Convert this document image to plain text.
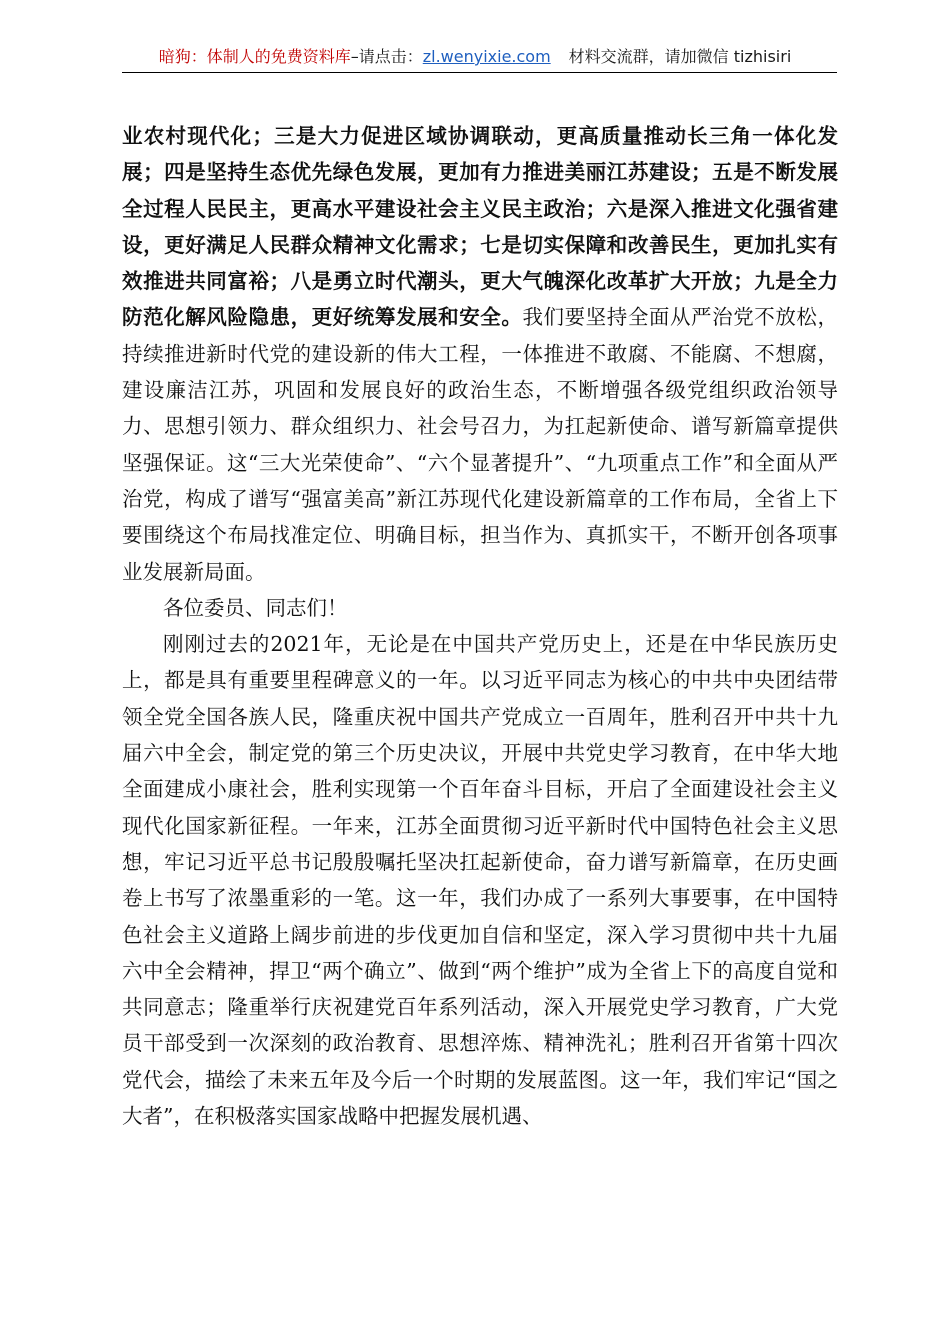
暗狗：体制人的免费资料库–请点击：zl.wenyixie.com 材料交流群，请加微信 tizhisiri

业农村现代化；三是大力促进区域协调联动，更高质量推动长三角一体化发展；四是坚持生态优先绿色发展，更加有力推进美丽江苏建设；五是不断发展全过程人民民主，更高水平建设社会主义民主政治；六是深入推进文化强省建设，更好满足人民群众精神文化需求；七是切实保障和改善民生，更加扎实有效推进共同富裕；八是勇立时代潮头，更大气魄深化改革扩大开放；九是全力防范化解风险隐患，更好统筹发展和安全。我们要坚持全面从严治党不放松，持续推进新时代党的建设新的伟大工程，一体推进不敢腐、不能腐、不想腐，建设廉洁江苏，巩固和发展良好的政治生态，不断增强各级党组织政治领导力、思想引领力、群众组织力、社会号召力，为扛起新使命、谱写新篇章提供坚强保证。这“三大光荣使命”、“六个显著提升”、“九项重点工作”和全面从严治党，构成了谱写“强富美高”新江苏现代化建设新篇章的工作布局，全省上下要围绕这个布局找准定位、明确目标，担当作为、真抓实干，不断开创各项事业发展新局面。

各位委员、同志们！

刚刚过去的2021年，无论是在中国共产党历史上，还是在中华民族历史上，都是具有重要里程碑意义的一年。以习近平同志为核心的中共中央团结带领全党全国各族人民，隆重庆祝中国共产党成立一百周年，胜利召开中共十九届六中全会，制定党的第三个历史决议，开展中共党史学习教育，在中华大地全面建成小康社会，胜利实现第一个百年奋斗目标，开启了全面建设社会主义现代化国家新征程。一年来，江苏全面贯彻习近平新时代中国特色社会主义思想，牢记习近平总书记殷殷嘱托坚决扛起新使命，奋力谱写新篇章，在历史画卷上书写了浓墨重彩的一笔。这一年，我们办成了一系列大事要事，在中国特色社会主义道路上阔步前进的步伐更加自信和坚定，深入学习贯彻中共十九届六中全会精神，捍卫“两个确立”、做到“两个维护”成为全省上下的高度自觉和共同意志；隆重举行庆祝建党百年系列活动，深入开展党史学习教育，广大党员干部受到一次深刻的政治教育、思想淬炼、精神洗礼；胜利召开省第十四次党代会，描绘了未来五年及今后一个时期的发展蓝图。这一年，我们牢记“国之大者”，在积极落实国家战略中把握发展机遇、
